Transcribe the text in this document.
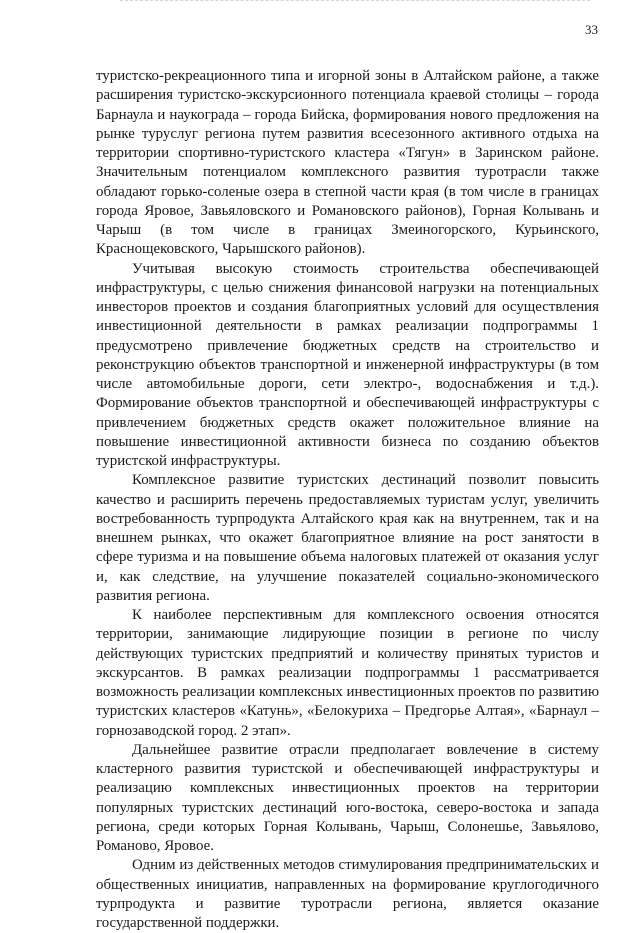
33

туристско-рекреационного типа и игорной зоны в Алтайском районе, а также расширения туристско-экскурсионного потенциала краевой столицы – города Барнаула и наукограда – города Бийска, формирования нового предложения на рынке туруслуг региона путем развития всесезонного активного отдыха на территории спортивно-туристского кластера «Тягун» в Заринском районе. Значительным потенциалом комплексного развития туротрасли также обладают горько-соленые озера в степной части края (в том числе в границах города Яровое, Завьяловского и Романовского районов), Горная Колывань и Чарыш (в том числе в границах Змеиногорского, Курьинского, Краснощековского, Чарышского районов).

Учитывая высокую стоимость строительства обеспечивающей инфраструктуры, с целью снижения финансовой нагрузки на потенциальных инвесторов проектов и создания благоприятных условий для осуществления инвестиционной деятельности в рамках реализации подпрограммы 1 предусмотрено привлечение бюджетных средств на строительство и реконструкцию объектов транспортной и инженерной инфраструктуры (в том числе автомобильные дороги, сети электро-, водоснабжения и т.д.). Формирование объектов транспортной и обеспечивающей инфраструктуры с привлечением бюджетных средств окажет положительное влияние на повышение инвестиционной активности бизнеса по созданию объектов туристской инфраструктуры.

Комплексное развитие туристских дестинаций позволит повысить качество и расширить перечень предоставляемых туристам услуг, увеличить востребованность турпродукта Алтайского края как на внутреннем, так и на внешнем рынках, что окажет благоприятное влияние на рост занятости в сфере туризма и на повышение объема налоговых платежей от оказания услуг и, как следствие, на улучшение показателей социально-экономического развития региона.

К наиболее перспективным для комплексного освоения относятся территории, занимающие лидирующие позиции в регионе по числу действующих туристских предприятий и количеству принятых туристов и экскурсантов. В рамках реализации подпрограммы 1 рассматривается возможность реализации комплексных инвестиционных проектов по развитию туристских кластеров «Катунь», «Белокуриха – Предгорье Алтая», «Барнаул – горнозаводской город. 2 этап».

Дальнейшее развитие отрасли предполагает вовлечение в систему кластерного развития туристской и обеспечивающей инфраструктуры и реализацию комплексных инвестиционных проектов на территории популярных туристских дестинаций юго-востока, северо-востока и запада региона, среди которых Горная Колывань, Чарыш, Солонешье, Завьялово, Романово, Яровое.

Одним из действенных методов стимулирования предпринимательских и общественных инициатив, направленных на формирование круглогодичного турпродукта и развитие туротрасли региона, является оказание государственной поддержки.
